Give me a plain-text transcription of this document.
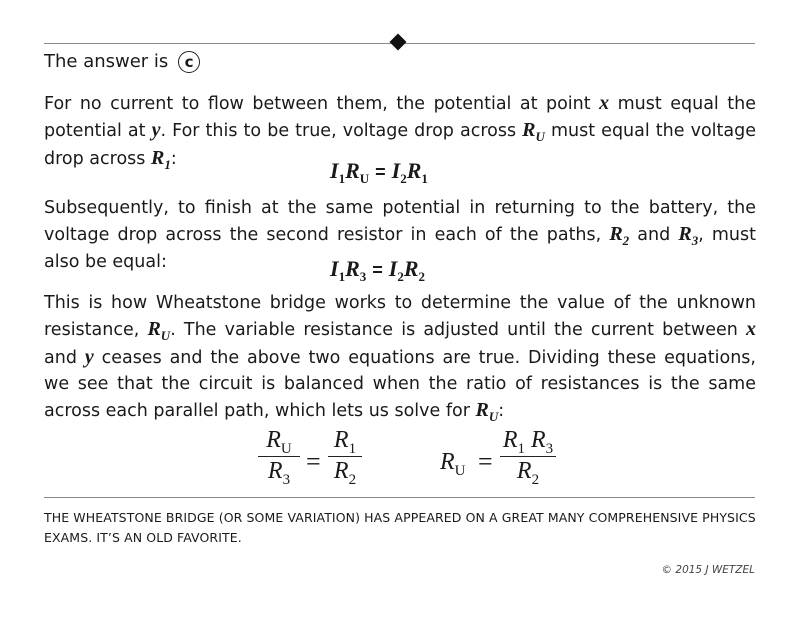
The answer is c

For no current to flow between them, the potential at point x must equal the potential at y. For this to be true, voltage drop across $R_U$ must equal the voltage drop across $R_1$:	$I_1R_U = I_2R_1$

Subsequently, to finish at the same potential in returning to the battery, the voltage drop across the second resistor in each of the paths, $R_2$ and $R_3$, must also be equal:	$I_1R_3 = I_2R_2$

This is how Wheatstone bridge works to determine the value of the unknown resistance, $R_U$. The variable resistance is adjusted until the current between x and y ceases and the above two equations are true. Dividing these equations, we see that the circuit is balanced when the ratio of resistances is the same across each parallel path, which lets us solve for $R_U$:

$R_U$
$R_3$
=
$R_1$
$R_2$
$R_U$ =
$R_1$ $R_3$
$R_2$
THE WHEATSTONE BRIDGE (OR SOME VARIATION) HAS APPEARED ON A GREAT MANY COMPREHENSIVE PHYSICS EXAMS. IT’S AN OLD FAVORITE.
© 2015 J WETZEL
